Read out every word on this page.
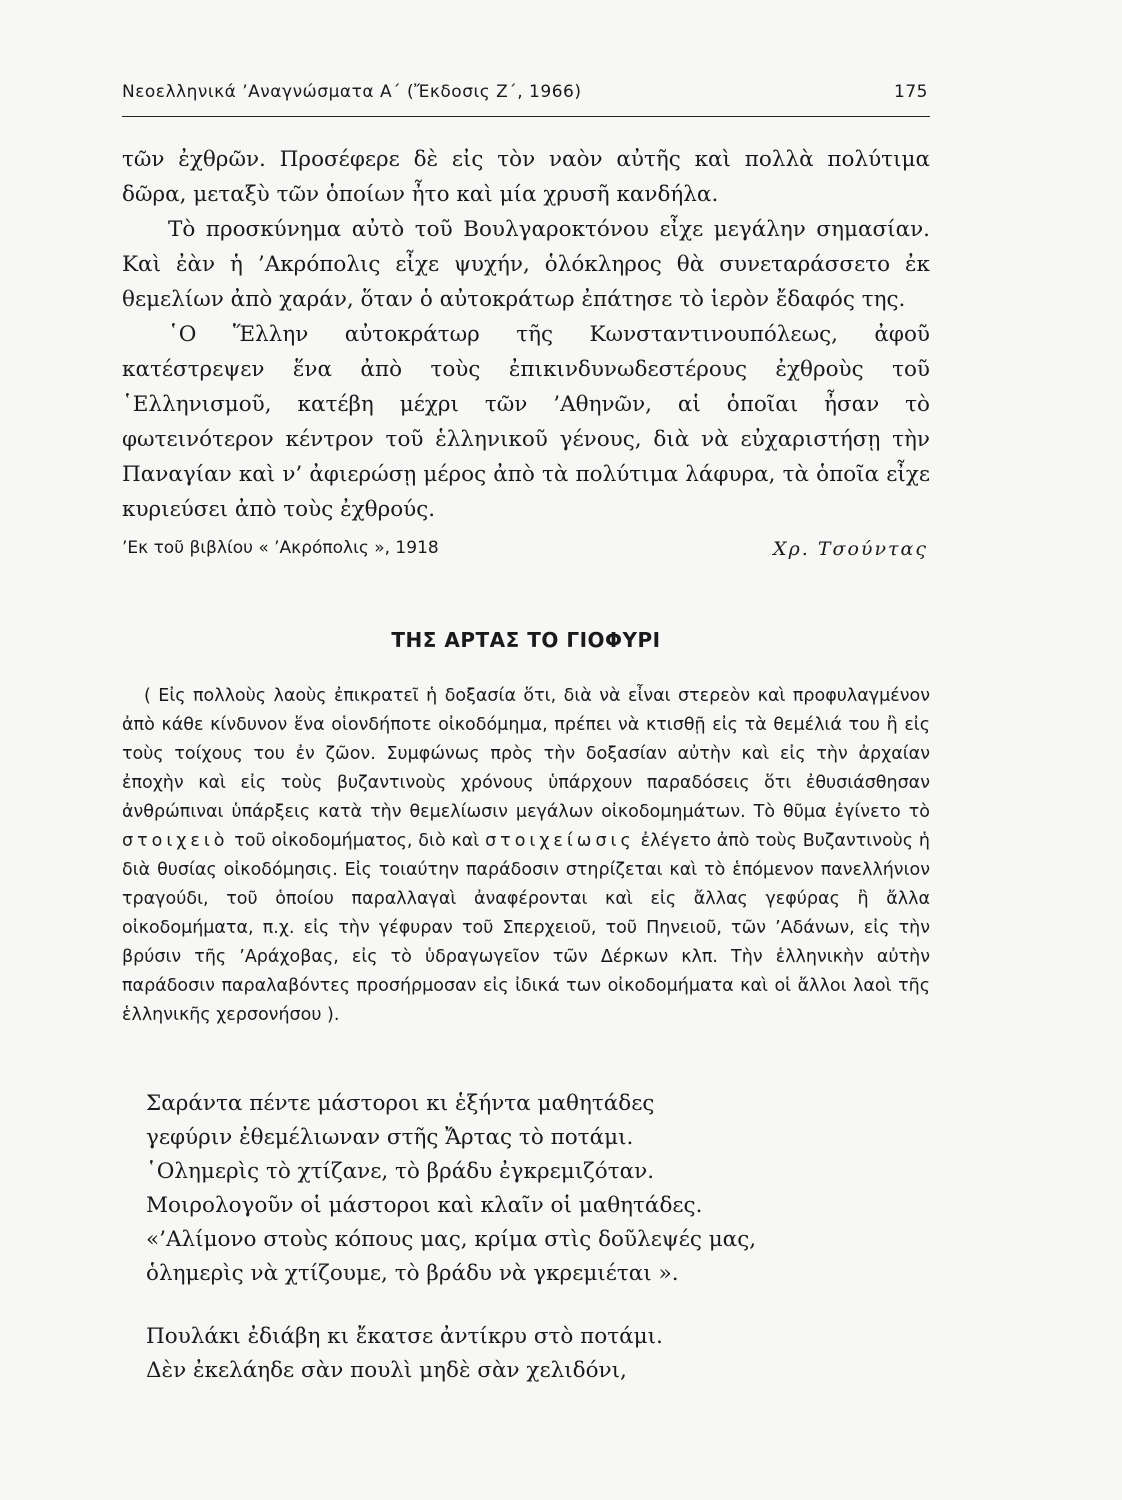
Νεοελληνικά ’Αναγνώσματα Α΄ (Ἔκδοσις Ζ΄, 1966)	175

τῶν ἐχθρῶν. Προσέφερε δὲ εἰς τὸν ναὸν αὐτῆς καὶ πολλὰ πολύτιμα δῶρα, μεταξὺ τῶν ὁποίων ἦτο καὶ μία χρυσῆ κανδήλα.

Τὸ προσκύνημα αὐτὸ τοῦ Βουλγαροκτόνου εἶχε μεγάλην σημασίαν. Καὶ ἐὰν ἡ ’Ακρόπολις εἶχε ψυχήν, ὁλόκληρος θὰ συνεταράσσετο ἐκ θεμελίων ἀπὸ χαράν, ὅταν ὁ αὐτοκράτωρ ἐπάτησε τὸ ἱερὸν ἔδαφός της.

῾Ο Ἕλλην αὐτοκράτωρ τῆς Κωνσταντινουπόλεως, ἀφοῦ κατέστρεψεν ἕνα ἀπὸ τοὺς ἐπικινδυνωδεστέρους ἐχθροὺς τοῦ ῾Ελληνισμοῦ, κατέβη μέχρι τῶν ’Αθηνῶν, αἱ ὁποῖαι ἦσαν τὸ φωτεινότερον κέντρον τοῦ ἑλληνικοῦ γένους, διὰ νὰ εὐχαριστήσῃ τὴν Παναγίαν καὶ ν’ ἀφιερώσῃ μέρος ἀπὸ τὰ πολύτιμα λάφυρα, τὰ ὁποῖα εἶχε κυριεύσει ἀπὸ τοὺς ἐχθρούς.

’Εκ τοῦ βιβλίου « ’Ακρόπολις », 1918	Χρ. Τσούντας
ΤΗΣ ΑΡΤΑΣ ΤΟ ΓΙΟΦΥΡΙ

( Εἰς πολλοὺς λαοὺς ἐπικρατεῖ ἡ δοξασία ὅτι, διὰ νὰ εἶναι στερεὸν καὶ προφυλαγμένον ἀπὸ κάθε κίνδυνον ἕνα οἱονδήποτε οἰκοδόμημα, πρέπει νὰ κτισθῇ εἰς τὰ θεμέλιά του ἢ εἰς τοὺς τοίχους του ἐν ζῶον. Συμφώνως πρὸς τὴν δοξασίαν αὐτὴν καὶ εἰς τὴν ἀρχαίαν ἐποχὴν καὶ εἰς τοὺς βυζαντινοὺς χρόνους ὑπάρχουν παραδόσεις ὅτι ἐθυσιάσθησαν ἀνθρώπιναι ὑπάρξεις κατὰ τὴν θεμελίωσιν μεγάλων οἰκοδομημάτων. Τὸ θῦμα ἐγίνετο τὸ στοιχειὸ τοῦ οἰκοδομήματος, διὸ καὶ στοιχείωσις ἐλέγετο ἀπὸ τοὺς Βυζαντινοὺς ἡ διὰ θυσίας οἰκοδόμησις. Εἰς τοιαύτην παράδοσιν στηρίζεται καὶ τὸ ἑπόμενον πανελλήνιον τραγούδι, τοῦ ὁποίου παραλλαγαὶ ἀναφέρονται καὶ εἰς ἄλλας γεφύρας ἢ ἄλλα οἰκοδομήματα, π.χ. εἰς τὴν γέφυραν τοῦ Σπερχειοῦ, τοῦ Πηνειοῦ, τῶν ’Αδάνων, εἰς τὴν βρύσιν τῆς ’Αράχοβας, εἰς τὸ ὑδραγωγεῖον τῶν Δέρκων κλπ. Τὴν ἑλληνικὴν αὐτὴν παράδοσιν παραλαβόντες προσήρμοσαν εἰς ἰδικά των οἰκοδομήματα καὶ οἱ ἄλλοι λαοὶ τῆς ἑλληνικῆς χερσονήσου ).

Σαράντα πέντε μάστοροι κι ἑξήντα μαθητάδες
γεφύριν ἐθεμέλιωναν στῆς Ἄρτας τὸ ποτάμι.
῾Ολημερὶς τὸ χτίζανε, τὸ βράδυ ἐγκρεμιζόταν.
Μοιρολογοῦν οἱ μάστοροι καὶ κλαῖν οἱ μαθητάδες.
«’Αλίμονο στοὺς κόπους μας, κρίμα στὶς δοῦλεψές μας,
ὁλημερὶς νὰ χτίζουμε, τὸ βράδυ νὰ γκρεμιέται ».
Πουλάκι ἐδιάβη κι ἔκατσε ἀντίκρυ στὸ ποτάμι.
Δὲν ἐκελάηδε σὰν πουλὶ μηδὲ σὰν χελιδόνι,
